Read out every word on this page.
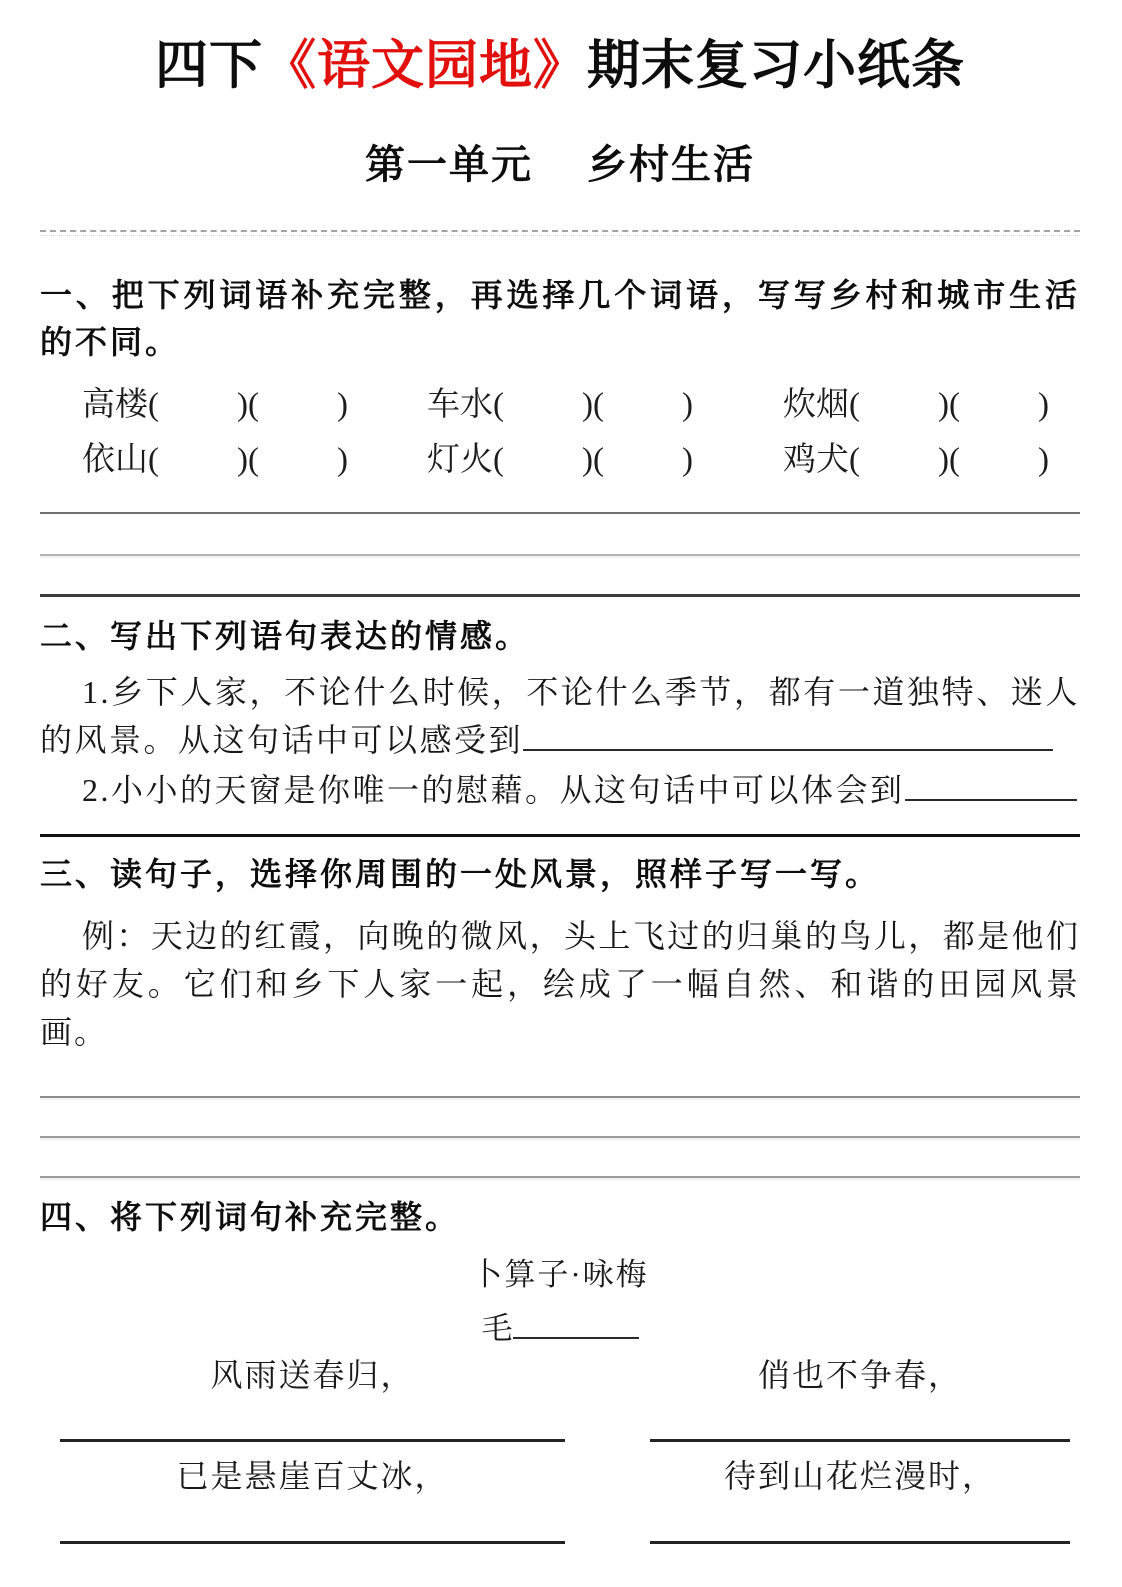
四下《语文园地》期末复习小纸条
第一单元　 乡村生活
一、把下列词语补充完整，再选择几个词语，写写乡村和城市生活的不同。
高楼( )( )	车水( )( )	炊烟( )( )
依山( )( )	灯火( )( )	鸡犬( )( )
二、写出下列语句表达的情感。
1.乡下人家，不论什么时候，不论什么季节，都有一道独特、迷人的风景。从这句话中可以感受到
2.小小的天窗是你唯一的慰藉。从这句话中可以体会到
三、读句子，选择你周围的一处风景，照样子写一写。
例：天边的红霞，向晚的微风，头上飞过的归巢的鸟儿，都是他们的好友。它们和乡下人家一起，绘成了一幅自然、和谐的田园风景画。
四、将下列词句补充完整。
卜算子·咏梅
毛
风雨送春归，
已是悬崖百丈冰，
俏也不争春，
待到山花烂漫时，
